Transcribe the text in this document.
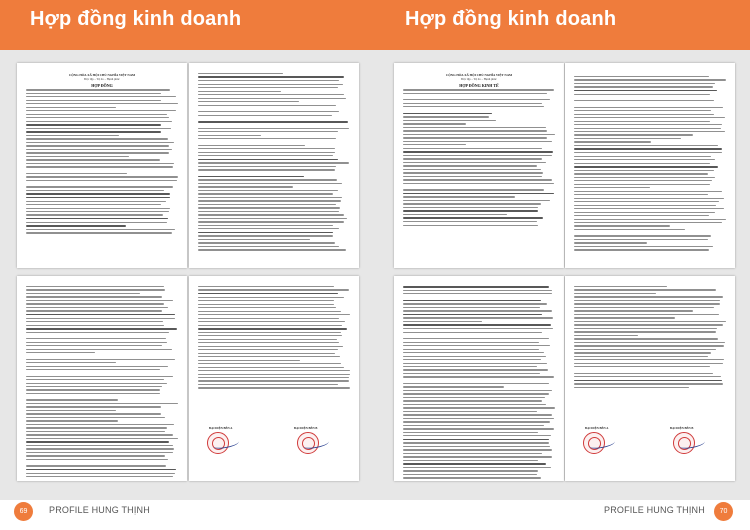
Hợp đồng kinh doanh
CỘNG HÒA XÃ HỘI CHỦ NGHĨA VIỆT NAM
Độc lập – Tự do – Hạnh phúc
HỢP ĐỒNG
ĐẠI DIỆN BÊN A	ĐẠI DIỆN BÊN B
69	PROFILE HUNG THỊNH
Hợp đồng kinh doanh
CỘNG HÒA XÃ HỘI CHỦ NGHĨA VIỆT NAM
Độc lập – Tự do – Hạnh phúc
HỢP ĐỒNG KINH TẾ
ĐẠI DIỆN BÊN A	ĐẠI DIỆN BÊN B
70
PROFILE HUNG THỊNH
